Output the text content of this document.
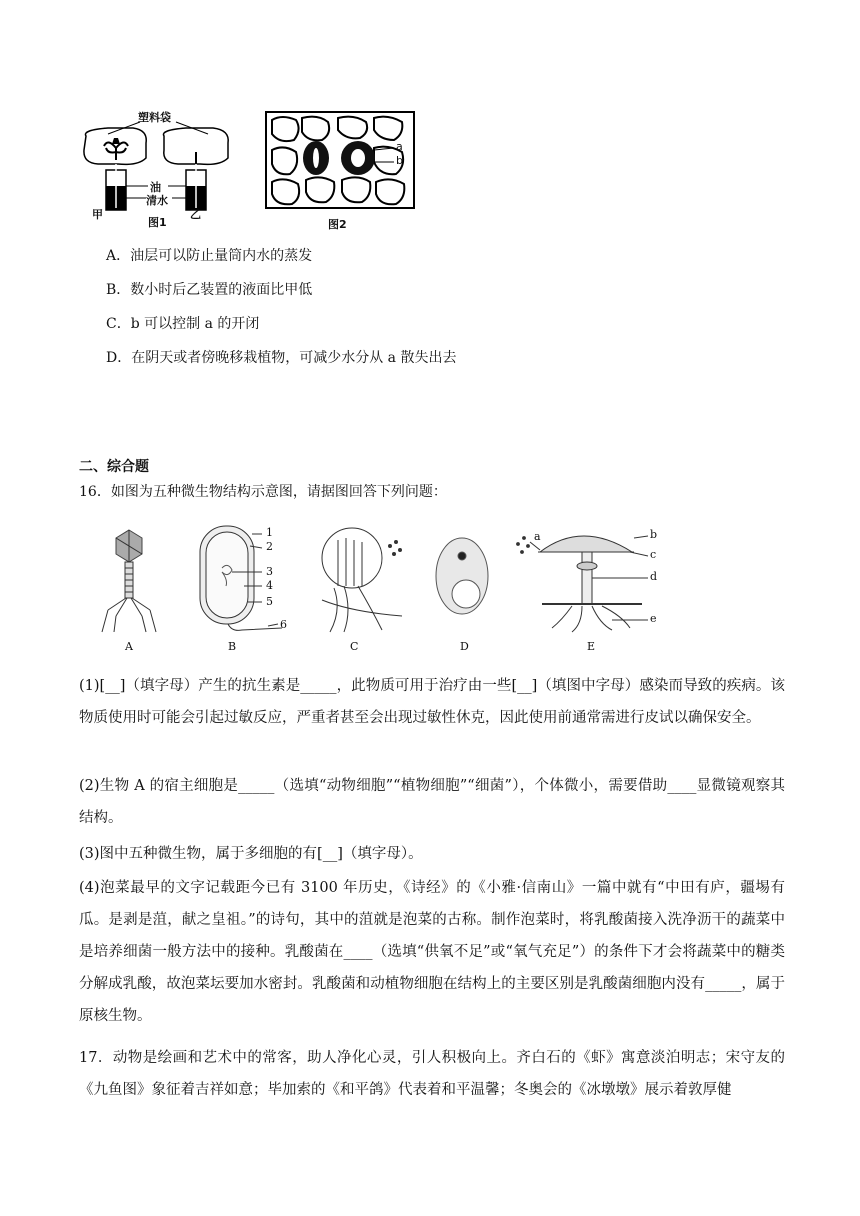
塑料袋
油
清水
甲	乙
图1
a
b
图2
A．油层可以防止量筒内水的蒸发
B．数小时后乙装置的液面比甲低
C．b 可以控制 a 的开闭
D．在阴天或者傍晚移栽植物，可减少水分从 a 散失出去
二、综合题
16．如图为五种微生物结构示意图，请据图回答下列问题：
1
2
3
4
5
6
a	b
c
d
e
A	B	C	D	E
(1)[__]（填字母）产生的抗生素是_____，此物质可用于治疗由一些[__]（填图中字母）感染而导致的疾病。该物质使用时可能会引起过敏反应，严重者甚至会出现过敏性休克，因此使用前通常需进行皮试以确保安全。
(2)生物 A 的宿主细胞是_____（选填“动物细胞”“植物细胞”“细菌”），个体微小，需要借助____显微镜观察其结构。
(3)图中五种微生物，属于多细胞的有[__]（填字母）。
(4)泡菜最早的文字记载距今已有 3100 年历史，《诗经》的《小雅·信南山》一篇中就有“中田有庐，疆埸有瓜。是剥是菹，献之皇祖。”的诗句，其中的菹就是泡菜的古称。制作泡菜时，将乳酸菌接入洗净沥干的蔬菜中是培养细菌一般方法中的接种。乳酸菌在____（选填“供氧不足”或“氧气充足”）的条件下才会将蔬菜中的糖类分解成乳酸，故泡菜坛要加水密封。乳酸菌和动植物细胞在结构上的主要区别是乳酸菌细胞内没有_____，属于原核生物。
17．动物是绘画和艺术中的常客，助人净化心灵，引人积极向上。齐白石的《虾》寓意淡泊明志；宋守友的《九鱼图》象征着吉祥如意；毕加索的《和平鸽》代表着和平温馨；冬奥会的《冰墩墩》展示着敦厚健
